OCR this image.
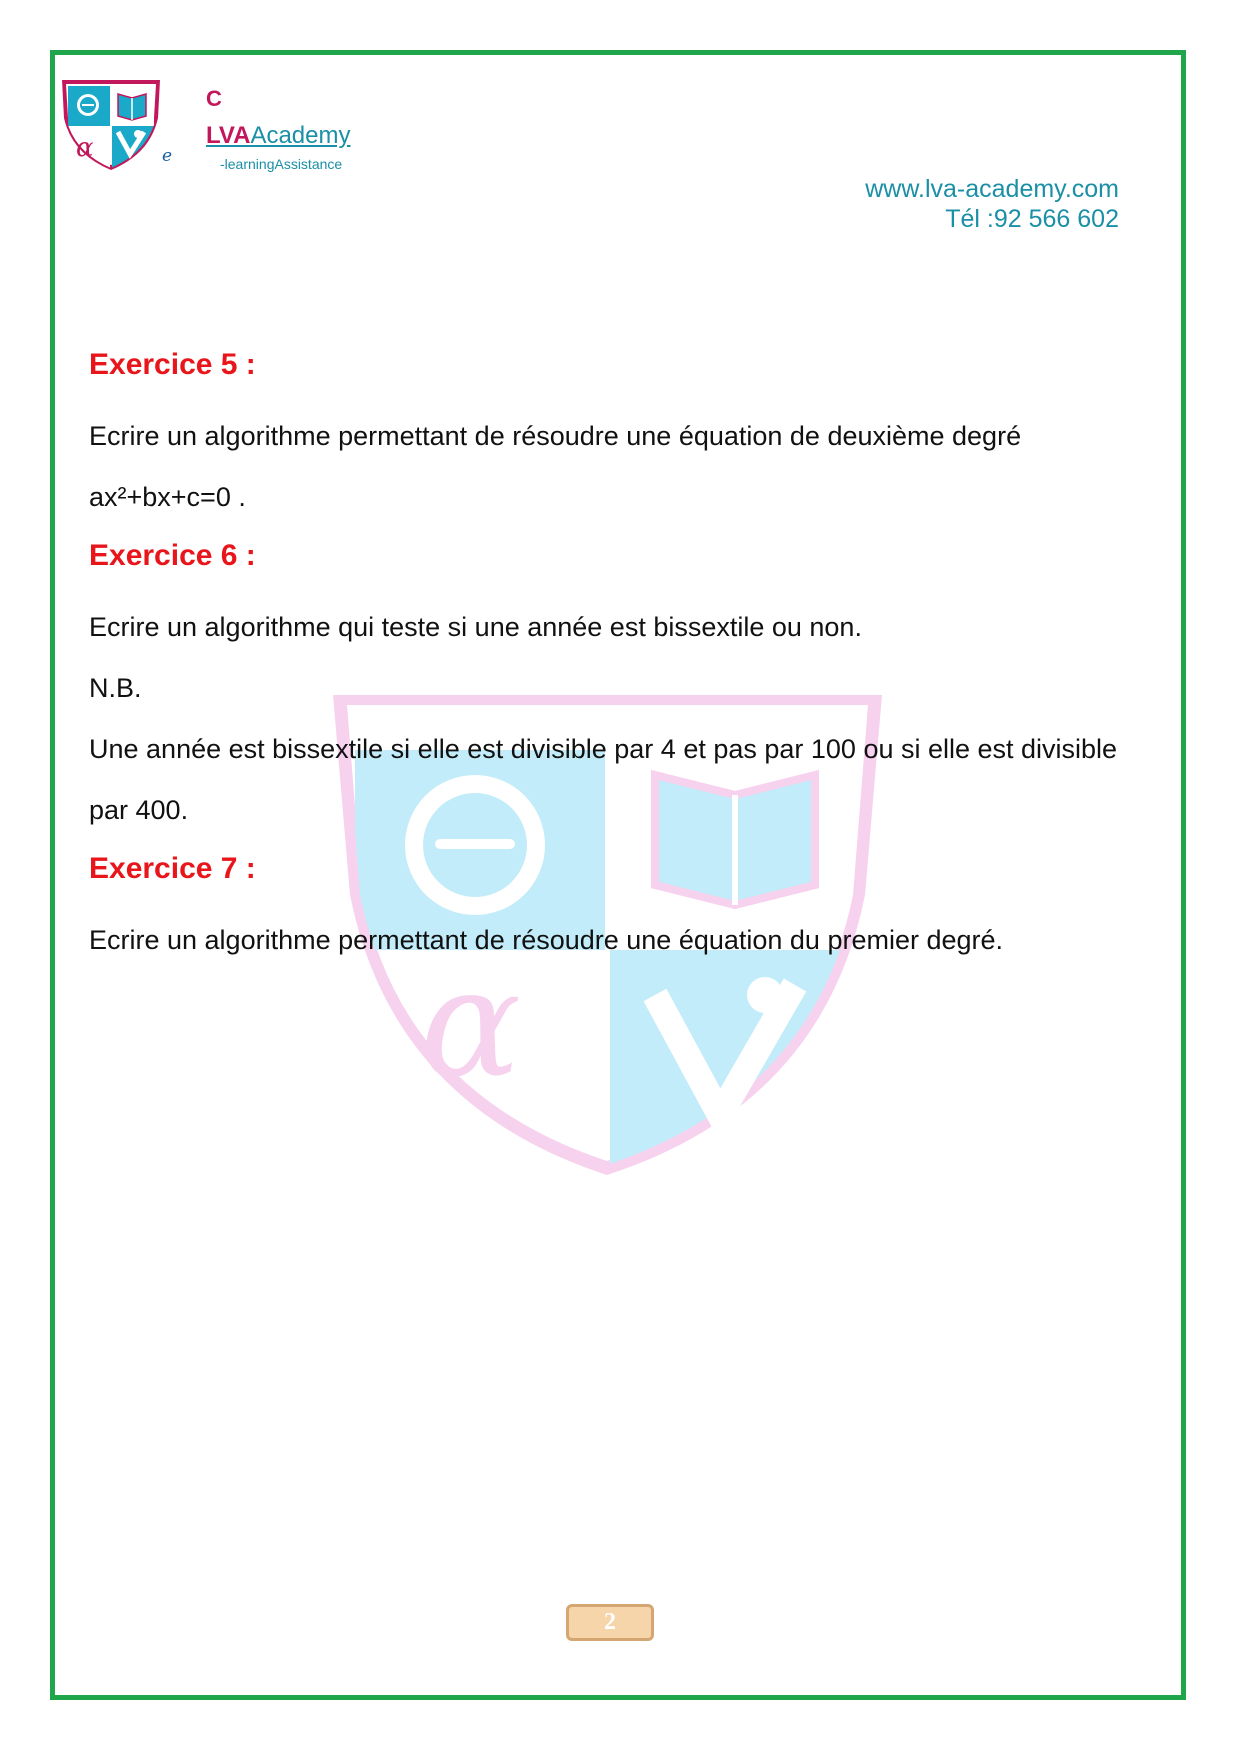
α
C
LVAAcademy
e	-learningAssistance
www.lva-academy.com
Tél :92 566 602
α
Exercice 5 :
Ecrire un algorithme permettant de résoudre une équation de deuxième degré ax²+bx+c=0 .
Exercice 6 :
Ecrire un algorithme qui teste si une année est bissextile ou non.
N.B.
Une année est bissextile si elle est divisible par 4 et pas par 100 ou si elle est divisible par 400.
Exercice 7 :
Ecrire un algorithme permettant de résoudre une équation du premier degré.
2
